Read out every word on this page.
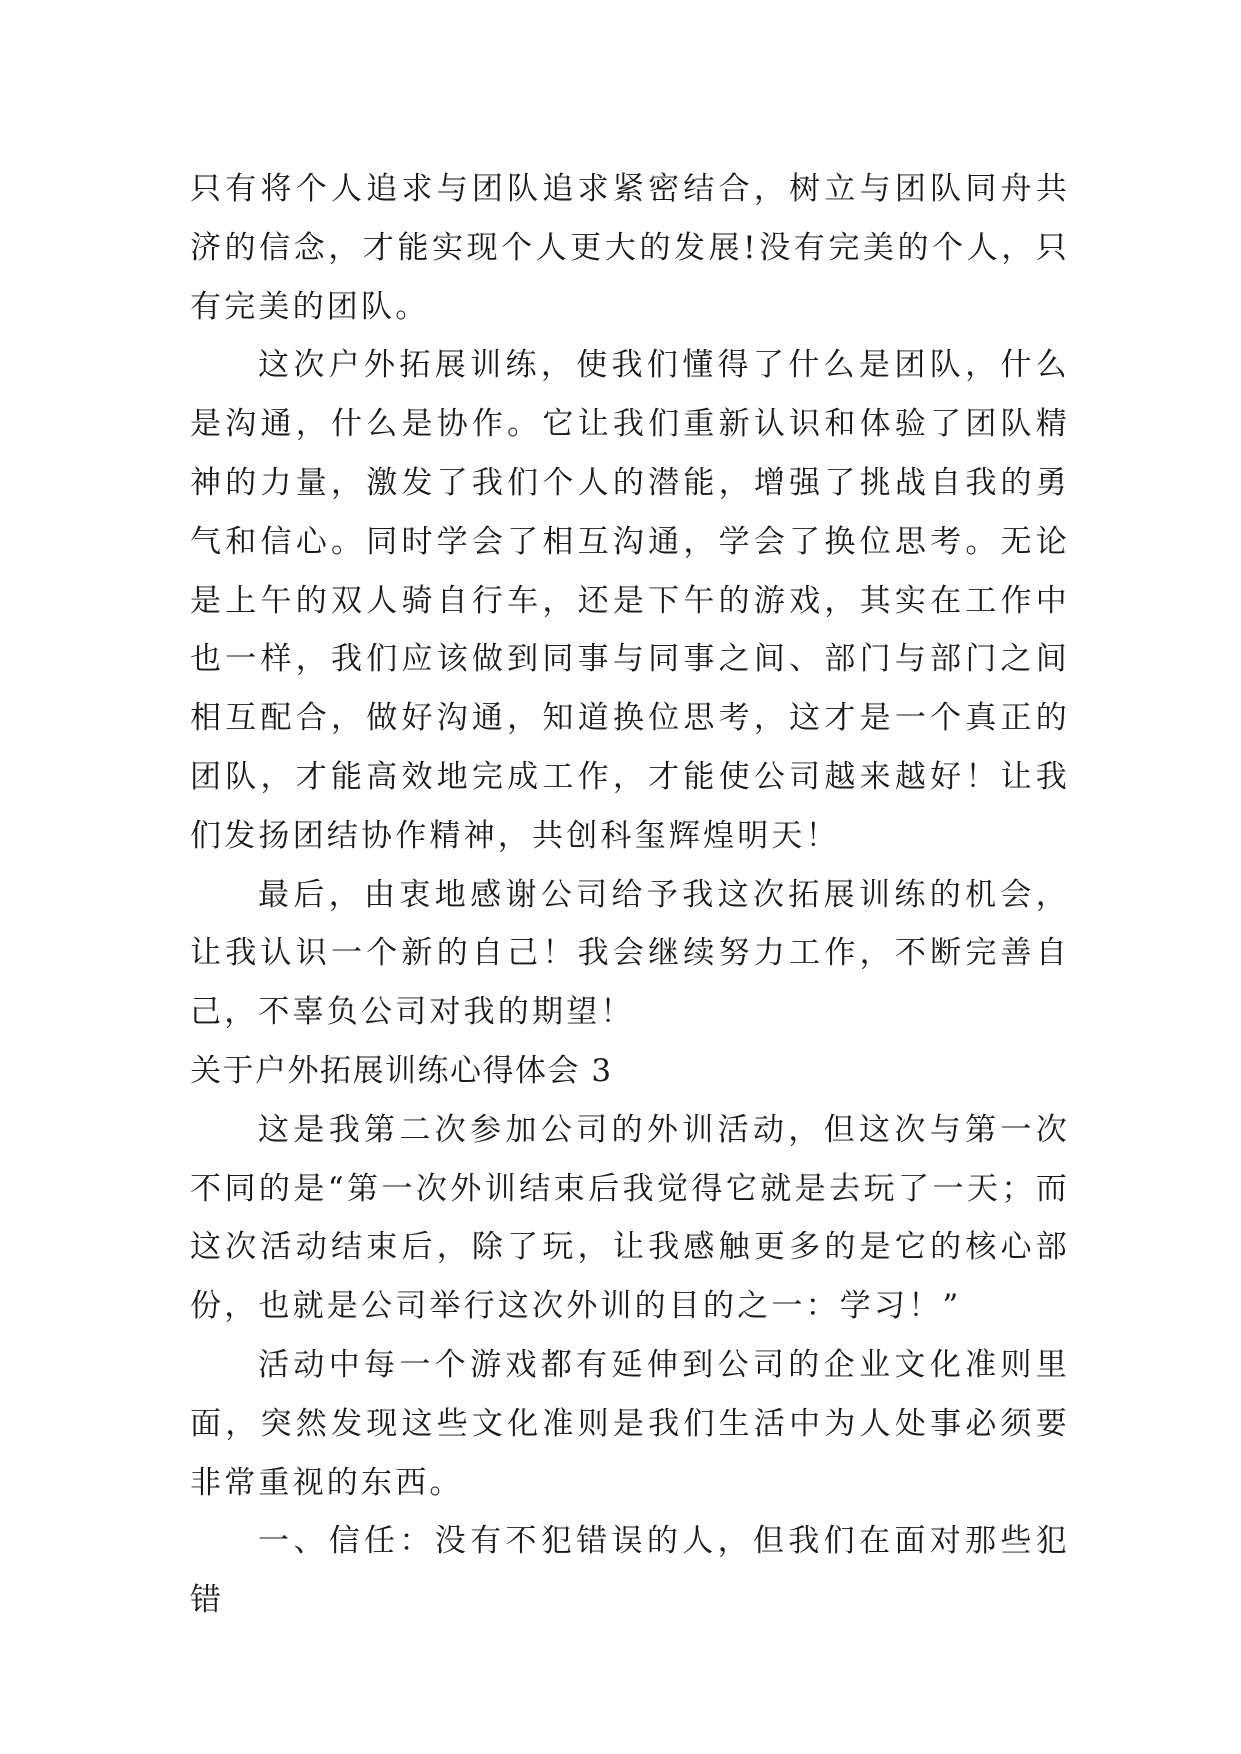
只有将个人追求与团队追求紧密结合，树立与团队同舟共济的信念，才能实现个人更大的发展!没有完美的个人，只有完美的团队。

这次户外拓展训练，使我们懂得了什么是团队，什么是沟通，什么是协作。它让我们重新认识和体验了团队精神的力量，激发了我们个人的潜能，增强了挑战自我的勇气和信心。同时学会了相互沟通，学会了换位思考。无论是上午的双人骑自行车，还是下午的游戏，其实在工作中也一样，我们应该做到同事与同事之间、部门与部门之间相互配合，做好沟通，知道换位思考，这才是一个真正的团队，才能高效地完成工作，才能使公司越来越好！让我们发扬团结协作精神，共创科玺辉煌明天！

最后，由衷地感谢公司给予我这次拓展训练的机会，让我认识一个新的自己！我会继续努力工作，不断完善自己，不辜负公司对我的期望！

关于户外拓展训练心得体会 3

这是我第二次参加公司的外训活动，但这次与第一次不同的是“第一次外训结束后我觉得它就是去玩了一天；而这次活动结束后，除了玩，让我感触更多的是它的核心部份，也就是公司举行这次外训的目的之一：学习！”

活动中每一个游戏都有延伸到公司的企业文化准则里面，突然发现这些文化准则是我们生活中为人处事必须要非常重视的东西。

一、信任：没有不犯错误的人，但我们在面对那些犯错
